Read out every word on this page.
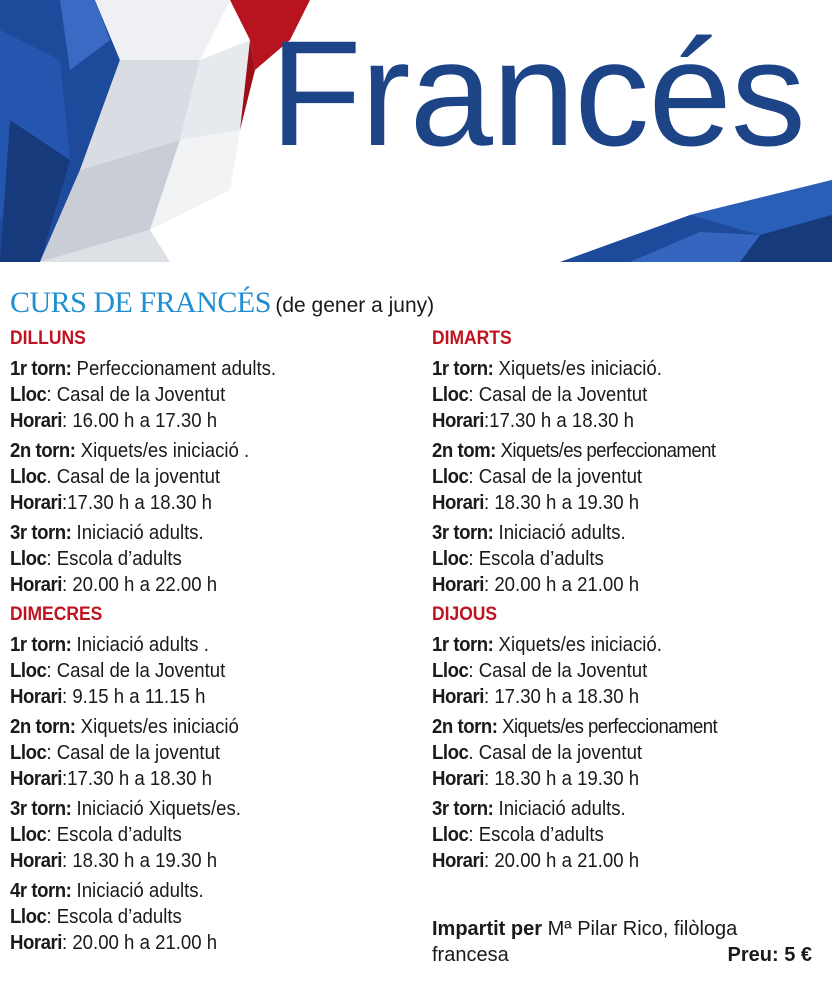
Francés
CURS DE FRANCÉS (de gener a juny)
DILLUNS
1r torn: Perfeccionament adults.
Lloc: Casal de la Joventut
Horari: 16.00 h a 17.30 h
2n torn: Xiquets/es iniciació .
Lloc. Casal de la joventut
Horari:17.30 h a 18.30 h
3r torn: Iniciació adults.
Lloc: Escola d’adults
Horari: 20.00 h a 22.00 h
DIMECRES
1r torn: Iniciació adults .
Lloc: Casal de la Joventut
Horari: 9.15 h a 11.15 h
2n torn: Xiquets/es iniciació
Lloc: Casal de la joventut
Horari:17.30 h a 18.30 h
3r torn: Iniciació Xiquets/es.
Lloc: Escola d’adults
Horari: 18.30 h a 19.30 h
4r torn: Iniciació adults.
Lloc: Escola d’adults
Horari: 20.00 h a 21.00 h
DIMARTS
1r torn: Xiquets/es iniciació.
Lloc: Casal de la Joventut
Horari:17.30 h a 18.30 h
2n tom: Xiquets/es perfeccionament
Lloc: Casal de la joventut
Horari: 18.30 h a 19.30 h
3r torn: Iniciació adults.
Lloc: Escola d’adults
Horari: 20.00 h a 21.00 h
DIJOUS
1r torn: Xiquets/es iniciació.
Lloc: Casal de la Joventut
Horari: 17.30 h a 18.30 h
2n torn: Xiquets/es perfeccionament
Lloc. Casal de la joventut
Horari: 18.30 h a 19.30 h
3r torn: Iniciació adults.
Lloc: Escola d’adults
Horari: 20.00 h a 21.00 h
Impartit per Mª Pilar Rico, filòloga
francesa	Preu: 5 €
